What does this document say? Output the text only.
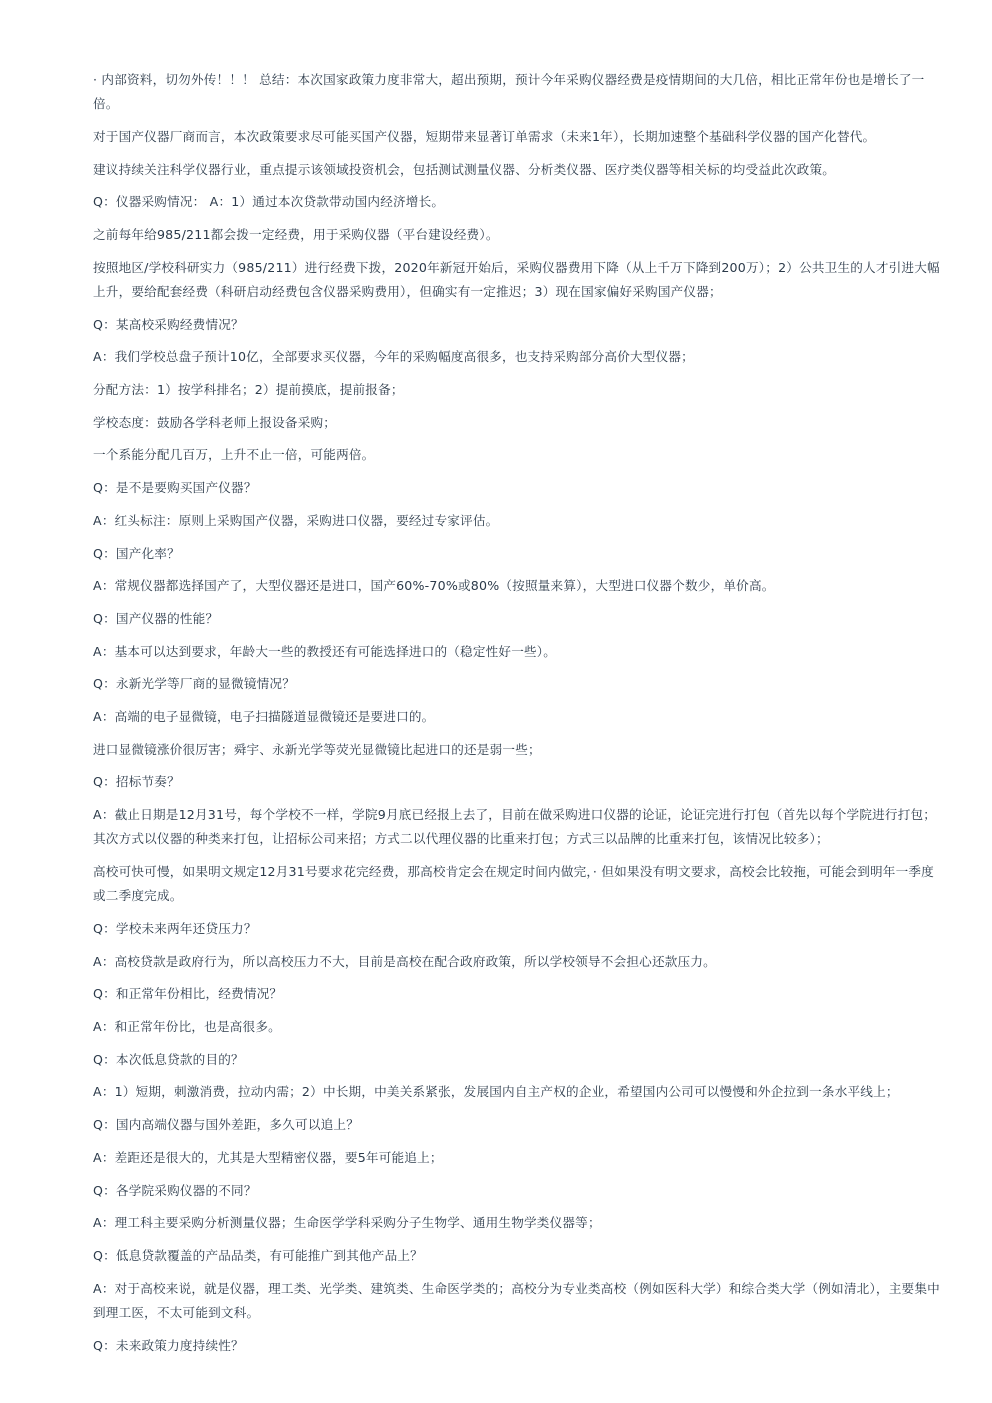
· 内部资料，切勿外传！！！ 总结：本次国家政策力度非常大，超出预期，预计今年采购仪器经费是疫情期间的大几倍，相比正常年份也是增长了一倍。

对于国产仪器厂商而言，本次政策要求尽可能买国产仪器，短期带来显著订单需求（未来1年），长期加速整个基础科学仪器的国产化替代。

建议持续关注科学仪器行业，重点提示该领域投资机会，包括测试测量仪器、分析类仪器、医疗类仪器等相关标的均受益此次政策。

Q：仪器采购情况： A：1）通过本次贷款带动国内经济增长。

之前每年给985/211都会拨一定经费，用于采购仪器（平台建设经费）。

按照地区/学校科研实力（985/211）进行经费下拨，2020年新冠开始后，采购仪器费用下降（从上千万下降到200万）；2）公共卫生的人才引进大幅上升，要给配套经费（科研启动经费包含仪器采购费用），但确实有一定推迟；3）现在国家偏好采购国产仪器；

Q：某高校采购经费情况？

A：我们学校总盘子预计10亿，全部要求买仪器，今年的采购幅度高很多，也支持采购部分高价大型仪器；

分配方法：1）按学科排名；2）提前摸底，提前报备；

学校态度：鼓励各学科老师上报设备采购；

一个系能分配几百万，上升不止一倍，可能两倍。

Q：是不是要购买国产仪器？

A：红头标注：原则上采购国产仪器，采购进口仪器，要经过专家评估。

Q：国产化率？

A：常规仪器都选择国产了，大型仪器还是进口，国产60%-70%或80%（按照量来算），大型进口仪器个数少，单价高。

Q：国产仪器的性能？

A：基本可以达到要求，年龄大一些的教授还有可能选择进口的（稳定性好一些）。

Q：永新光学等厂商的显微镜情况？

A：高端的电子显微镜，电子扫描隧道显微镜还是要进口的。

进口显微镜涨价很厉害；舜宇、永新光学等荧光显微镜比起进口的还是弱一些；

Q：招标节奏？

A：截止日期是12月31号，每个学校不一样，学院9月底已经报上去了，目前在做采购进口仪器的论证，论证完进行打包（首先以每个学院进行打包；其次方式以仪器的种类来打包，让招标公司来招；方式二以代理仪器的比重来打包；方式三以品牌的比重来打包，该情况比较多）；

高校可快可慢，如果明文规定12月31号要求花完经费，那高校肯定会在规定时间内做完，· 但如果没有明文要求，高校会比较拖，可能会到明年一季度或二季度完成。

Q：学校未来两年还贷压力？

A：高校贷款是政府行为，所以高校压力不大，目前是高校在配合政府政策，所以学校领导不会担心还款压力。

Q：和正常年份相比，经费情况？

A：和正常年份比，也是高很多。

Q：本次低息贷款的目的？

A：1）短期，刺激消费，拉动内需；2）中长期，中美关系紧张，发展国内自主产权的企业，希望国内公司可以慢慢和外企拉到一条水平线上；

Q：国内高端仪器与国外差距，多久可以追上？

A：差距还是很大的，尤其是大型精密仪器，要5年可能追上；

Q：各学院采购仪器的不同？

A：理工科主要采购分析测量仪器；生命医学学科采购分子生物学、通用生物学类仪器等；

Q：低息贷款覆盖的产品品类，有可能推广到其他产品上？

A：对于高校来说，就是仪器，理工类、光学类、建筑类、生命医学类的；高校分为专业类高校（例如医科大学）和综合类大学（例如清北），主要集中到理工医，不太可能到文科。

Q：未来政策力度持续性？
